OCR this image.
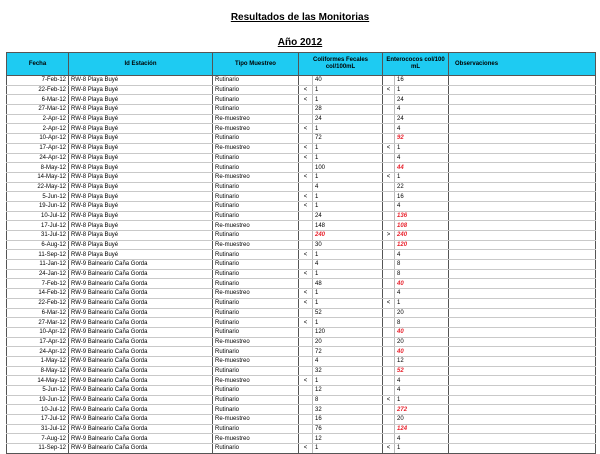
Resultados de las Monitorias
Año 2012
Fecha	Id Estación	Tipo Muestreo	Coliformes Fecales col/100mL		Enterococos col/100 mL		Observaciones
7-Feb-12	RW-8 Playa Buyé	Rutinario		40		16	
22-Feb-12	RW-8 Playa Buyé	Rutinario	<	1	<	1	
6-Mar-12	RW-8 Playa Buyé	Rutinario	<	1		24	
27-Mar-12	RW-8 Playa Buyé	Rutinario		28		4	
2-Apr-12	RW-8 Playa Buyé	Re-muestreo		24		24	
2-Apr-12	RW-8 Playa Buyé	Re-muestreo	<	1		4	
10-Apr-12	RW-8 Playa Buyé	Rutinario		72		92	
17-Apr-12	RW-8 Playa Buyé	Re-muestreo	<	1	<	1	
24-Apr-12	RW-8 Playa Buyé	Rutinario	<	1		4	
8-May-12	RW-8 Playa Buyé	Rutinario		100		44	
14-May-12	RW-8 Playa Buyé	Re-muestreo	<	1	<	1	
22-May-12	RW-8 Playa Buyé	Rutinario		4		22	
5-Jun-12	RW-8 Playa Buyé	Rutinario	<	1		16	
19-Jun-12	RW-8 Playa Buyé	Rutinario	<	1		4	
10-Jul-12	RW-8 Playa Buyé	Rutinario		24		136	
17-Jul-12	RW-8 Playa Buyé	Re-muestreo		148		108	
31-Jul-12	RW-8 Playa Buyé	Rutinario		240	>	240	
6-Aug-12	RW-8 Playa Buyé	Re-muestreo		30		120	
11-Sep-12	RW-8 Playa Buyé	Rutinario	<	1		4	
11-Jan-12	RW-9 Balneario Caña Gorda	Rutinario		4		8	
24-Jan-12	RW-9 Balneario Caña Gorda	Rutinario	<	1		8	
7-Feb-12	RW-9 Balneario Caña Gorda	Rutinario		48		40	
14-Feb-12	RW-9 Balneario Caña Gorda	Re-muestreo	<	1		4	
22-Feb-12	RW-9 Balneario Caña Gorda	Rutinario	<	1	<	1	
6-Mar-12	RW-9 Balneario Caña Gorda	Rutinario		52		20	
27-Mar-12	RW-9 Balneario Caña Gorda	Rutinario	<	1		8	
10-Apr-12	RW-9 Balneario Caña Gorda	Rutinario		120		40	
17-Apr-12	RW-9 Balneario Caña Gorda	Re-muestreo		20		20	
24-Apr-12	RW-9 Balneario Caña Gorda	Rutinario		72		40	
1-May-12	RW-9 Balneario Caña Gorda	Re-muestreo		4		12	
8-May-12	RW-9 Balneario Caña Gorda	Rutinario		32		52	
14-May-12	RW-9 Balneario Caña Gorda	Re-muestreo	<	1		4	
5-Jun-12	RW-9 Balneario Caña Gorda	Rutinario		12		4	
19-Jun-12	RW-9 Balneario Caña Gorda	Rutinario		8	<	1	
10-Jul-12	RW-9 Balneario Caña Gorda	Rutinario		32		272	
17-Jul-12	RW-9 Balneario Caña Gorda	Re-muestreo		16		20	
31-Jul-12	RW-9 Balneario Caña Gorda	Rutinario		76		124	
7-Aug-12	RW-9 Balneario Caña Gorda	Re-muestreo		12		4	
11-Sep-12	RW-9 Balneario Caña Gorda	Rutinario	<	1	<	1	
